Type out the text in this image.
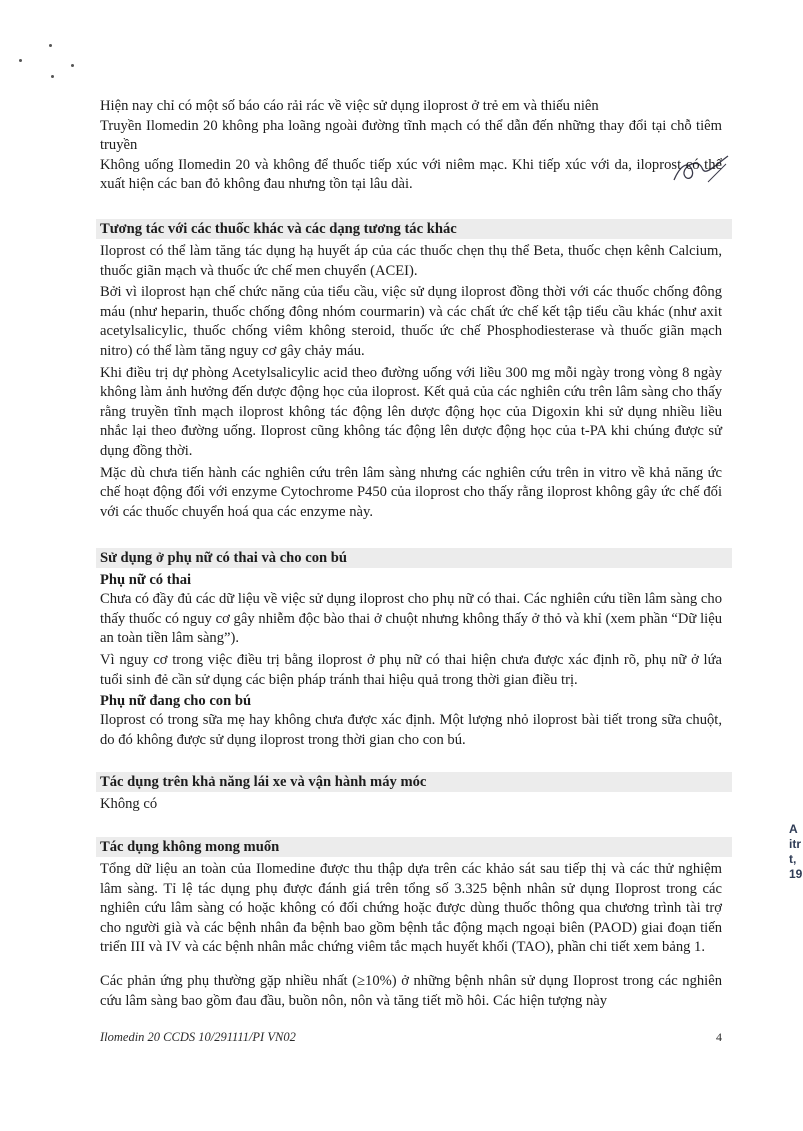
Hiện nay chỉ có một số báo cáo rải rác về việc sử dụng iloprost ở trẻ em và thiếu niên

Truyền Ilomedin 20 không pha loãng ngoài đường tĩnh mạch có thể dẫn đến những thay đổi tại chỗ tiêm truyền

Không uống Ilomedin 20 và không để thuốc tiếp xúc với niêm mạc. Khi tiếp xúc với da, iloprost có thể xuất hiện các ban đỏ không đau nhưng tồn tại lâu dài.

Tương tác với các thuốc khác và các dạng tương tác khác

Iloprost có thể làm tăng tác dụng hạ huyết áp của các thuốc chẹn thụ thể Beta, thuốc chẹn kênh Calcium, thuốc giãn mạch và thuốc ức chế men chuyển (ACEI).

Bởi vì iloprost hạn chế chức năng của tiểu cầu, việc sử dụng iloprost đồng thời với các thuốc chống đông máu (như heparin, thuốc chống đông nhóm courmarin) và các chất ức chế kết tập tiểu cầu khác (như axit acetylsalicylic, thuốc chống viêm không steroid, thuốc ức chế Phosphodiesterase và thuốc giãn mạch nitro) có thể làm tăng nguy cơ gây chảy máu.

Khi điều trị dự phòng Acetylsalicylic acid theo đường uống với liều 300 mg mỗi ngày trong vòng 8 ngày không làm ảnh hưởng đến dược động học của iloprost. Kết quả của các nghiên cứu trên lâm sàng cho thấy rằng truyền tĩnh mạch iloprost không tác động lên dược động học của Digoxin khi sử dụng nhiều liều nhắc lại theo đường uống. Iloprost cũng không tác động lên dược động học của t-PA khi chúng được sử dụng đồng thời.

Mặc dù chưa tiến hành các nghiên cứu trên lâm sàng nhưng các nghiên cứu trên in vitro về khả năng ức chế hoạt động đối với enzyme Cytochrome P450 của iloprost cho thấy rằng iloprost không gây ức chế đối với các thuốc chuyển hoá qua các enzyme này.

Sử dụng ở phụ nữ có thai và cho con bú
Phụ nữ có thai

Chưa có đầy đủ các dữ liệu về việc sử dụng iloprost cho phụ nữ có thai. Các nghiên cứu tiền lâm sàng cho thấy thuốc có nguy cơ gây nhiễm độc bào thai ở chuột nhưng không thấy ở thỏ và khỉ (xem phần “Dữ liệu an toàn tiền lâm sàng”).

Vì nguy cơ trong việc điều trị bằng iloprost ở phụ nữ có thai hiện chưa được xác định rõ, phụ nữ ở lứa tuổi sinh đẻ cần sử dụng các biện pháp tránh thai hiệu quả trong thời gian điều trị.

Phụ nữ đang cho con bú

Iloprost có trong sữa mẹ hay không chưa được xác định. Một lượng nhỏ iloprost bài tiết trong sữa chuột, do đó không được sử dụng iloprost trong thời gian cho con bú.

Tác dụng trên khả năng lái xe và vận hành máy móc

Không có

Tác dụng không mong muốn

Tổng dữ liệu an toàn của Ilomedine được thu thập dựa trên các khảo sát sau tiếp thị và các thử nghiệm lâm sàng. Tỉ lệ tác dụng phụ được đánh giá trên tổng số 3.325 bệnh nhân sử dụng Iloprost trong các nghiên cứu lâm sàng có hoặc không có đối chứng hoặc được dùng thuốc thông qua chương trình tài trợ cho người già và các bệnh nhân đa bệnh bao gồm bệnh tắc động mạch ngoại biên (PAOD) giai đoạn tiến triển III và IV và các bệnh nhân mắc chứng viêm tắc mạch huyết khối (TAO), phần chi tiết xem bảng 1.

Các phản ứng phụ thường gặp nhiều nhất (≥10%) ở những bệnh nhân sử dụng Iloprost trong các nghiên cứu lâm sàng bao gồm đau đầu, buồn nôn, nôn và tăng tiết mồ hôi. Các hiện tượng này

Ilomedin 20 CCDS 10/291111/PI VN02	4
A
itr
t,
19
